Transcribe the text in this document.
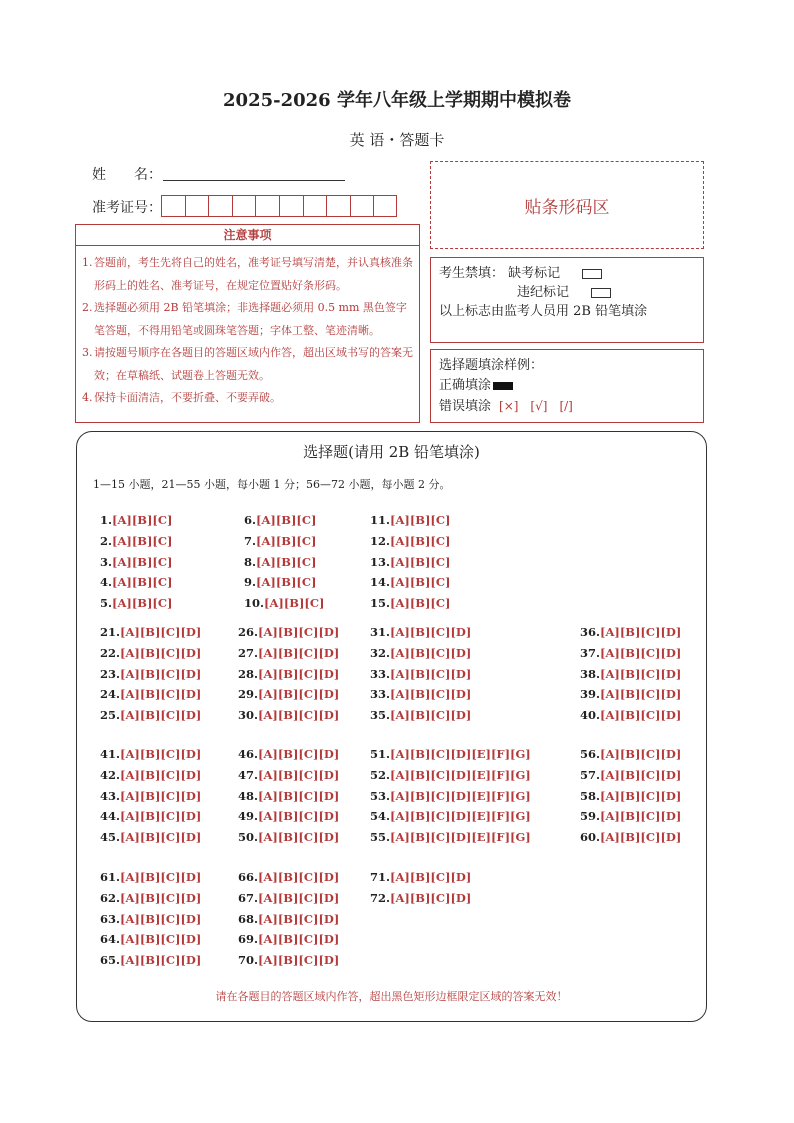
2025-2026 学年八年级上学期期中模拟卷
英 语・答题卡
姓　　名：
准考证号：	贴条形码区
注意事项
1. 答题前，考生先将自己的姓名，准考证号填写清楚，并认真核准条形码上的姓名、准考证号，在规定位置贴好条形码。
2. 选择题必须用 2B 铅笔填涂；非选择题必须用 0.5 mm 黑色签字笔答题，不得用铅笔或圆珠笔答题；字体工整、笔迹清晰。
3. 请按题号顺序在各题目的答题区域内作答，超出区域书写的答案无效；在草稿纸、试题卷上答题无效。
4. 保持卡面清洁，不要折叠、不要弄破。
考生禁填： 缺考标记
违纪标记
以上标志由监考人员用 2B 铅笔填涂
选择题填涂样例：
正确填涂
错误填涂 [×]　[√]　[/]
选择题(请用 2B 铅笔填涂)
1—15 小题，21—55 小题，每小题 1 分；56—72 小题，每小题 2 分。
1.[A][B][C]
2.[A][B][C]
3.[A][B][C]
4.[A][B][C]
5.[A][B][C]
6.[A][B][C]
7.[A][B][C]
8.[A][B][C]
9.[A][B][C]
10.[A][B][C]
11.[A][B][C]
12.[A][B][C]
13.[A][B][C]
14.[A][B][C]
15.[A][B][C]
21.[A][B][C][D]
22.[A][B][C][D]
23.[A][B][C][D]
24.[A][B][C][D]
25.[A][B][C][D]
26.[A][B][C][D]
27.[A][B][C][D]
28.[A][B][C][D]
29.[A][B][C][D]
30.[A][B][C][D]
31.[A][B][C][D]
32.[A][B][C][D]
33.[A][B][C][D]
33.[A][B][C][D]
35.[A][B][C][D]
36.[A][B][C][D]
37.[A][B][C][D]
38.[A][B][C][D]
39.[A][B][C][D]
40.[A][B][C][D]
41.[A][B][C][D]
42.[A][B][C][D]
43.[A][B][C][D]
44.[A][B][C][D]
45.[A][B][C][D]
46.[A][B][C][D]
47.[A][B][C][D]
48.[A][B][C][D]
49.[A][B][C][D]
50.[A][B][C][D]
51.[A][B][C][D][E][F][G]
52.[A][B][C][D][E][F][G]
53.[A][B][C][D][E][F][G]
54.[A][B][C][D][E][F][G]
55.[A][B][C][D][E][F][G]
56.[A][B][C][D]
57.[A][B][C][D]
58.[A][B][C][D]
59.[A][B][C][D]
60.[A][B][C][D]
61.[A][B][C][D]
62.[A][B][C][D]
63.[A][B][C][D]
64.[A][B][C][D]
65.[A][B][C][D]
66.[A][B][C][D]
67.[A][B][C][D]
68.[A][B][C][D]
69.[A][B][C][D]
70.[A][B][C][D]
71.[A][B][C][D]
72.[A][B][C][D]
请在各题目的答题区域内作答，超出黑色矩形边框限定区域的答案无效！
